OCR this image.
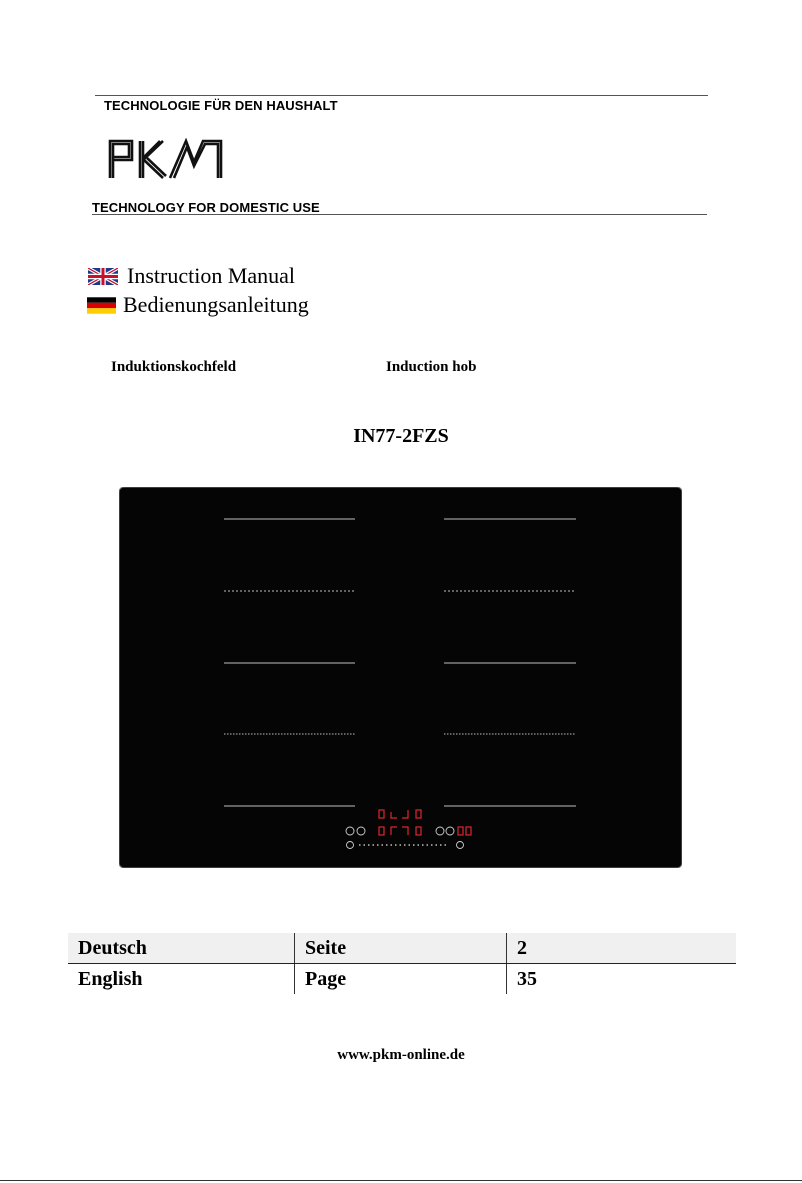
TECHNOLOGIE FÜR DEN HAUSHALT
TECHNOLOGY FOR DOMESTIC USE
Instruction Manual
Bedienungsanleitung
Induktionskochfeld	Induction hob
IN77-2FZS
Deutsch	Seite	2
English	Page	35
www.pkm-online.de
